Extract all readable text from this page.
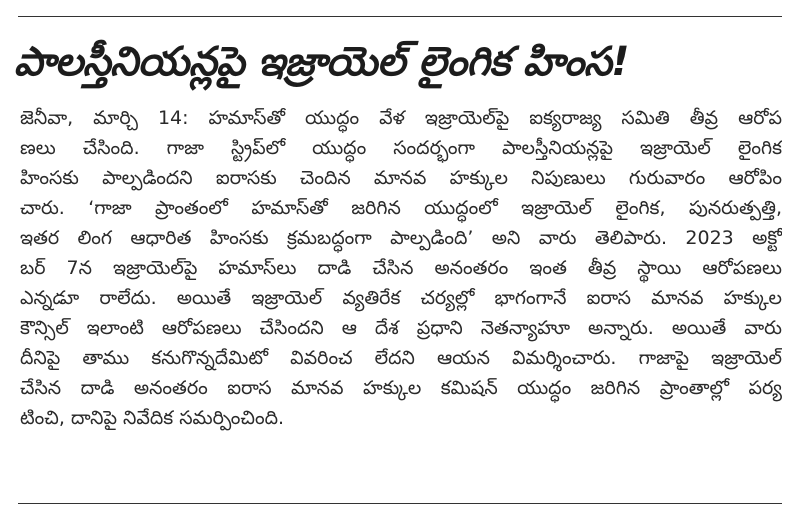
పాలస్తీనియన్లపై ఇజ్రాయెల్ లైంగిక హింస!
జెనీవా, మార్చి 14: హమాస్‌తో యుద్ధం వేళ ఇజ్రాయెల్‌పై ఐక్యరాజ్య సమితి తీవ్ర ఆరోప
ణలు చేసింది. గాజా స్ట్రిప్‌లో యుద్ధం సందర్భంగా పాలస్తీనియన్లపై ఇజ్రాయెల్ లైంగిక
హింసకు పాల్పడిందని ఐరాసకు చెందిన మానవ హక్కుల నిపుణులు గురువారం ఆరోపిం
చారు. ‘గాజా ప్రాంతంలో హమాస్‌తో జరిగిన యుద్ధంలో ఇజ్రాయెల్ లైంగిక, పునరుత్పత్తి,
ఇతర లింగ ఆధారిత హింసకు క్రమబద్ధంగా పాల్పడింది’ అని వారు తెలిపారు. 2023 అక్టో
బర్ 7న ఇజ్రాయెల్‌పై హమాస్‌లు దాడి చేసిన అనంతరం ఇంత తీవ్ర స్థాయి ఆరోపణలు
ఎన్నడూ రాలేదు. అయితే ఇజ్రాయెల్ వ్యతిరేక చర్యల్లో భాగంగానే ఐరాస మానవ హక్కుల
కౌన్సిల్ ఇలాంటి ఆరోపణలు చేసిందని ఆ దేశ ప్రధాని నెతన్యాహూ అన్నారు. అయితే వారు
దీనిపై తాము కనుగొన్నదేమిటో వివరించ లేదని ఆయన విమర్శించారు. గాజాపై ఇజ్రాయెల్
చేసిన దాడి అనంతరం ఐరాస మానవ హక్కుల కమిషన్ యుద్ధం జరిగిన ప్రాంతాల్లో పర్య
టించి, దానిపై నివేదిక సమర్పించింది.
